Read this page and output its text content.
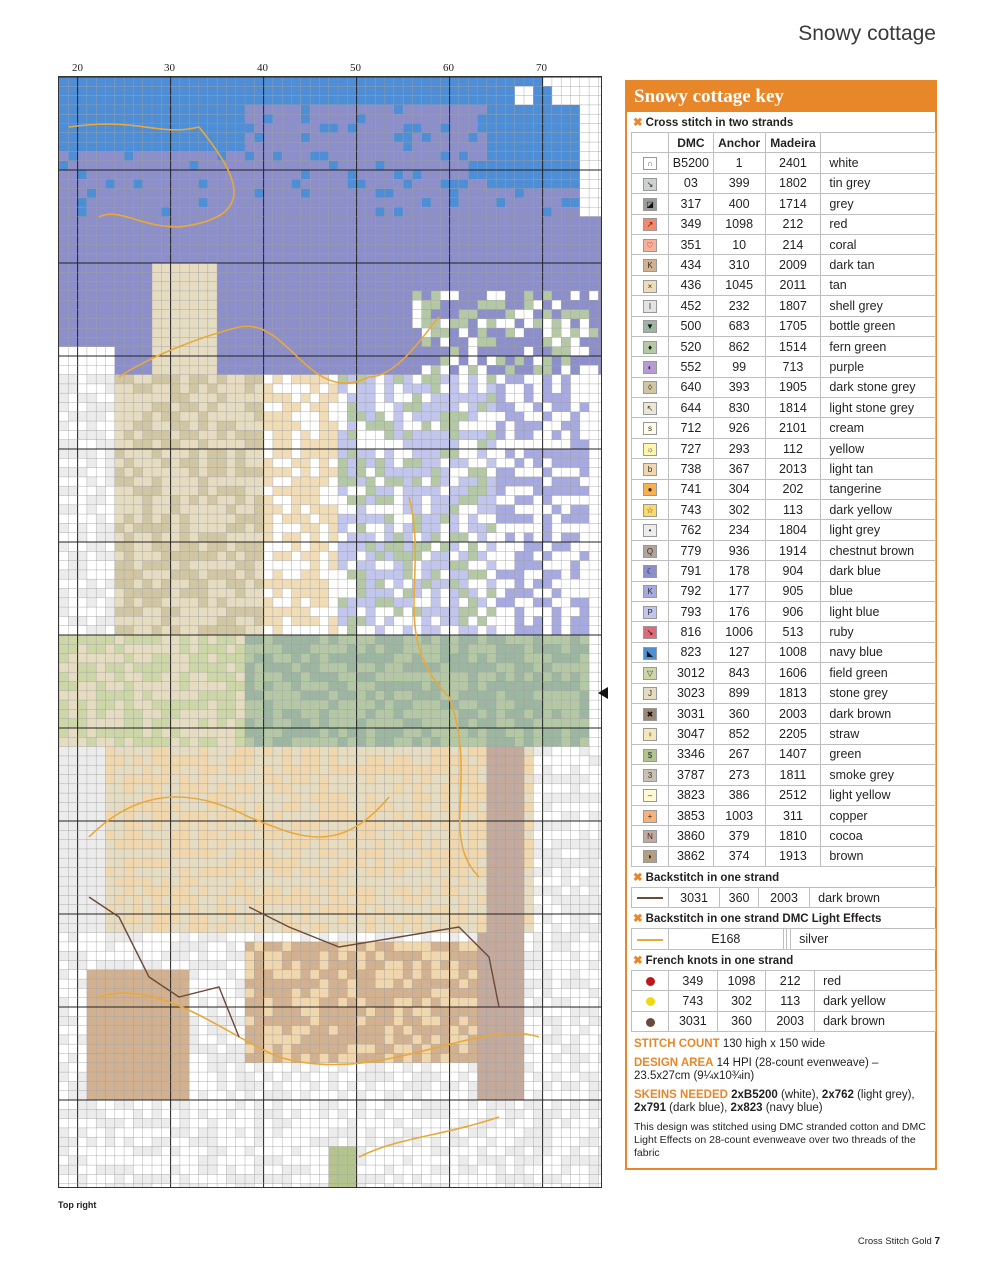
Snowy cottage
20	30	40	50	60	70
Top right
Snowy cottage key
✖ Cross stitch in two strands
	DMC	Anchor	Madeira	
∩	B5200	1	2401	white
↘	03	399	1802	tin grey
◪	317	400	1714	grey
↗	349	1098	212	red
♡	351	10	214	coral
K	434	310	2009	dark tan
×	436	1045	2011	tan
I	452	232	1807	shell grey
▼	500	683	1705	bottle green
♦	520	862	1514	fern green
◐	552	99	713	purple
◊	640	393	1905	dark stone grey
↖	644	830	1814	light stone grey
s	712	926	2101	cream
☼	727	293	112	yellow
b	738	367	2013	light tan
●	741	304	202	tangerine
☆	743	302	113	dark yellow
•	762	234	1804	light grey
Q	779	936	1914	chestnut brown
☾	791	178	904	dark blue
K	792	177	905	blue
P	793	176	906	light blue
↘	816	1006	513	ruby
◣	823	127	1008	navy blue
▽	3012	843	1606	field green
J	3023	899	1813	stone grey
✖	3031	360	2003	dark brown
♀	3047	852	2205	straw
$	3346	267	1407	green
3	3787	273	1811	smoke grey
–	3823	386	2512	light yellow
+	3853	1003	311	copper
N	3860	379	1810	cocoa
◗	3862	374	1913	brown
✖ Backstitch in one strand
	3031	360	2003	dark brown
✖ Backstitch in one strand DMC Light Effects
	E168			silver
✖ French knots in one strand
	349	1098	212	red
	743	302	113	dark yellow
	3031	360	2003	dark brown

STITCH COUNT 130 high x 150 wide

DESIGN AREA 14 HPI (28-count evenweave) – 23.5x27cm (9¼x10¾in)

SKEINS NEEDED 2xB5200 (white), 2x762 (light grey), 2x791 (dark blue), 2x823 (navy blue)

This design was stitched using DMC stranded cotton and DMC Light Effects on 28-count evenweave over two threads of the fabric

Cross Stitch Gold 7
